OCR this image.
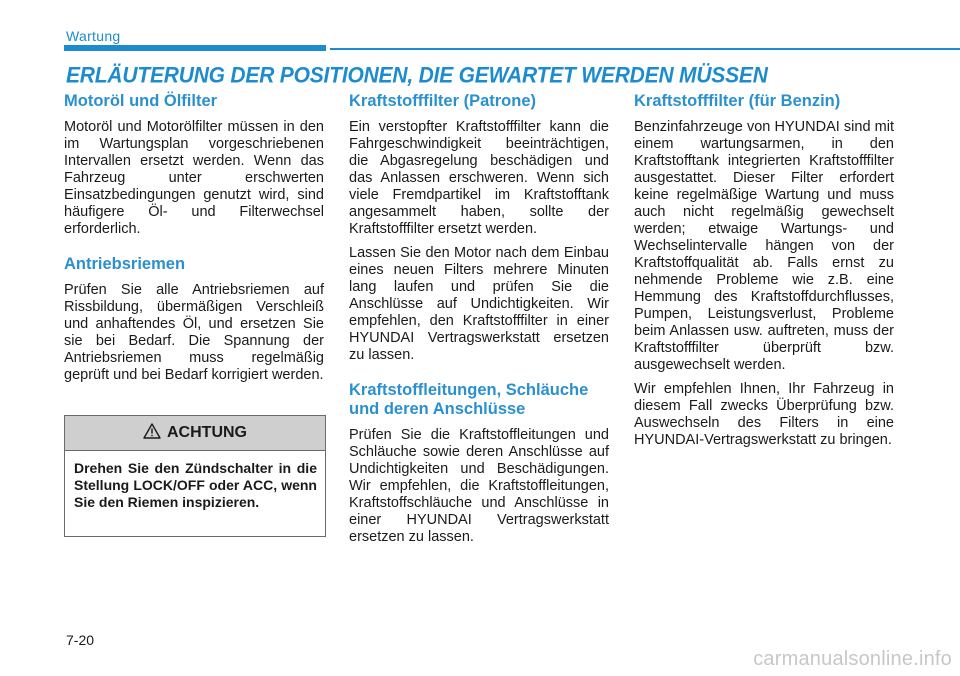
Wartung
ERLÄUTERUNG DER POSITIONEN, DIE GEWARTET WERDEN MÜSSEN
Motoröl und Ölfilter

Motoröl und Motorölfilter müssen in den im Wartungsplan vorgeschriebenen Intervallen ersetzt werden. Wenn das Fahrzeug unter erschwerten Einsatzbedingungen genutzt wird, sind häufigere Öl- und Filterwechsel erforderlich.

Antriebsriemen

Prüfen Sie alle Antriebsriemen auf Rissbildung, übermäßigen Verschleiß und anhaftendes Öl, und ersetzen Sie sie bei Bedarf. Die Spannung der Antriebsriemen muss regelmäßig geprüft und bei Bedarf korrigiert werden.

ACHTUNG
Drehen Sie den Zündschalter in die Stellung LOCK/OFF oder ACC, wenn Sie den Riemen inspizieren.
Kraftstofffilter (Patrone)

Ein verstopfter Kraftstofffilter kann die Fahrgeschwindigkeit beeinträchtigen, die Abgasregelung beschädigen und das Anlassen erschweren. Wenn sich viele Fremdpartikel im Kraftstofftank angesammelt haben, sollte der Kraftstofffilter ersetzt werden.

Lassen Sie den Motor nach dem Einbau eines neuen Filters mehrere Minuten lang laufen und prüfen Sie die Anschlüsse auf Undichtigkeiten. Wir empfehlen, den Kraftstofffilter in einer HYUNDAI Vertragswerkstatt ersetzen zu lassen.

Kraftstoffleitungen, Schläuche und deren Anschlüsse

Prüfen Sie die Kraftstoffleitungen und Schläuche sowie deren Anschlüsse auf Undichtigkeiten und Beschädigungen. Wir empfehlen, die Kraftstoffleitungen, Kraftstoffschläuche und Anschlüsse in einer HYUNDAI Vertragswerkstatt ersetzen zu lassen.

Kraftstofffilter (für Benzin)

Benzinfahrzeuge von HYUNDAI sind mit einem wartungsarmen, in den Kraftstofftank integrierten Kraftstofffilter ausgestattet. Dieser Filter erfordert keine regelmäßige Wartung und muss auch nicht regelmäßig gewechselt werden; etwaige Wartungs- und Wechselintervalle hängen von der Kraftstoffqualität ab. Falls ernst zu nehmende Probleme wie z.B. eine Hemmung des Kraftstoffdurchflusses, Pumpen, Leistungsverlust, Probleme beim Anlassen usw. auftreten, muss der Kraftstofffilter überprüft bzw. ausgewechselt werden.

Wir empfehlen Ihnen, Ihr Fahrzeug in diesem Fall zwecks Überprüfung bzw. Auswechseln des Filters in eine HYUNDAI-Vertragswerkstatt zu bringen.

7-20
carmanualsonline.info
